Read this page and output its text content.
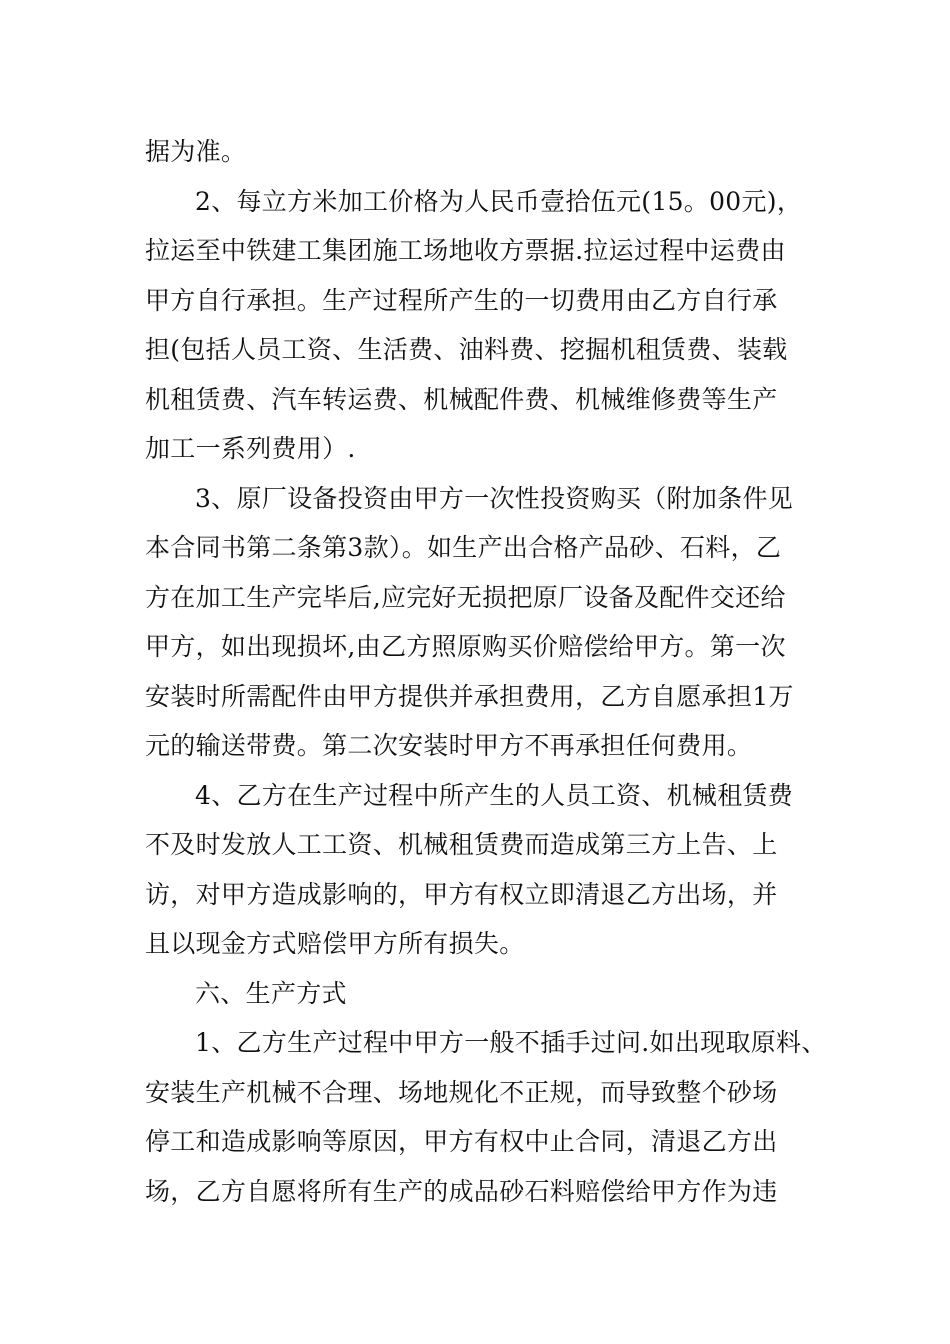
据为准。
2、每立方米加工价格为人民币壹拾伍元(15。00元)，
拉运至中铁建工集团施工场地收方票据.拉运过程中运费由
甲方自行承担。生产过程所产生的一切费用由乙方自行承
担(包括人员工资、生活费、油料费、挖掘机租赁费、装载
机租赁费、汽车转运费、机械配件费、机械维修费等生产
加工一系列费用）.
3、原厂设备投资由甲方一次性投资购买（附加条件见
本合同书第二条第3款）。如生产出合格产品砂、石料，乙
方在加工生产完毕后,应完好无损把原厂设备及配件交还给
甲方，如出现损坏,由乙方照原购买价赔偿给甲方。第一次
安装时所需配件由甲方提供并承担费用，乙方自愿承担1万
元的输送带费。第二次安装时甲方不再承担任何费用。
4、乙方在生产过程中所产生的人员工资、机械租赁费
不及时发放人工工资、机械租赁费而造成第三方上告、上
访，对甲方造成影响的，甲方有权立即清退乙方出场，并
且以现金方式赔偿甲方所有损失。
六、生产方式
1、乙方生产过程中甲方一般不插手过问.如出现取原料、
安装生产机械不合理、场地规化不正规，而导致整个砂场
停工和造成影响等原因，甲方有权中止合同，清退乙方出
场，乙方自愿将所有生产的成品砂石料赔偿给甲方作为违
